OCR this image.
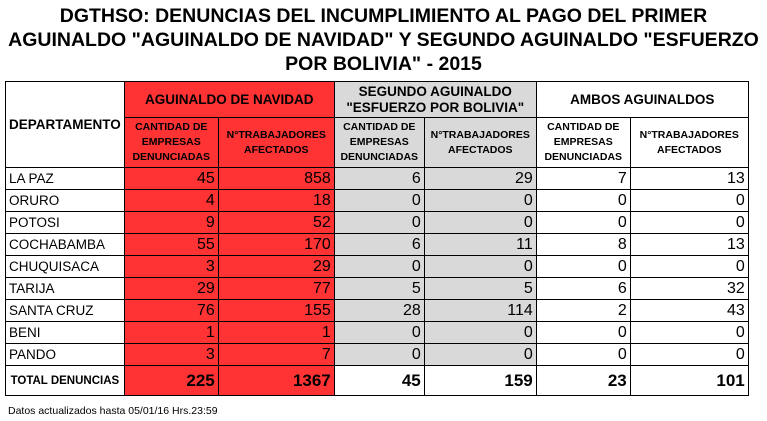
DGTHSO: DENUNCIAS DEL INCUMPLIMIENTO AL PAGO DEL PRIMER
AGUINALDO "AGUINALDO DE NAVIDAD" Y SEGUNDO AGUINALDO "ESFUERZO
POR BOLIVIA" - 2015
DEPARTAMENTO	AGUINALDO DE NAVIDAD		SEGUNDO AGUINALDO
"ESFUERZO POR BOLIVIA"		AMBOS AGUINALDOS	
	CANTIDAD DE EMPRESAS DENUNCIADAS	N°TRABAJADORES AFECTADOS	CANTIDAD DE EMPRESAS DENUNCIADAS	N°TRABAJADORES AFECTADOS	CANTIDAD DE EMPRESAS DENUNCIADAS	N°TRABAJADORES AFECTADOS
LA PAZ	45	858	6	29	7	13
ORURO	4	18	0	0	0	0
POTOSI	9	52	0	0	0	0
COCHABAMBA	55	170	6	11	8	13
CHUQUISACA	3	29	0	0	0	0
TARIJA	29	77	5	5	6	32
SANTA CRUZ	76	155	28	114	2	43
BENI	1	1	0	0	0	0
PANDO	3	7	0	0	0	0
TOTAL DENUNCIAS	225	1367	45	159	23	101
Datos actualizados hasta 05/01/16 Hrs.23:59
